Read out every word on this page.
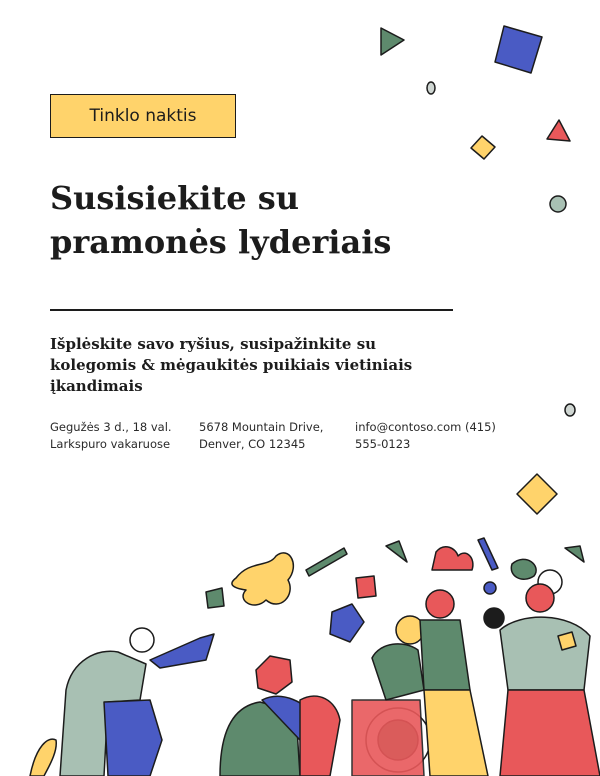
Tinklo naktis
Susisiekite su
pramonės lyderiais
Išplėskite savo ryšius, susipažinkite su
kolegomis & mėgaukitės puikiais vietiniais
įkandimais
Gegužės 3 d., 18 val.
Larkspuro vakaruose
5678 Mountain Drive,
Denver, CO 12345
info@contoso.com (415)
555-0123
